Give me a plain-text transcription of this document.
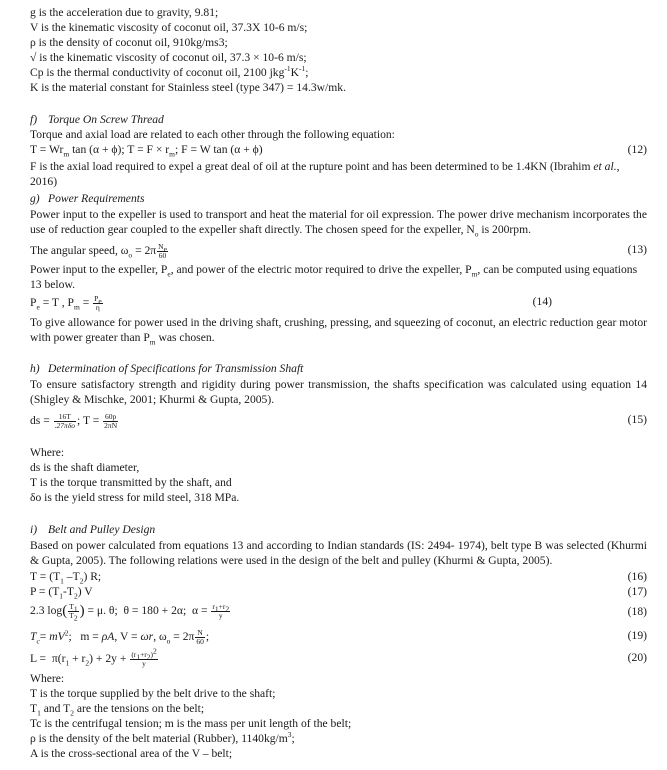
g is the acceleration due to gravity, 9.81;
V is the kinematic viscosity of coconut oil, 37.3X 10-6 m/s;
ρ is the density of coconut oil, 910kg/ms3;
√ is the kinematic viscosity of coconut oil, 37.3 × 10-6 m/s;
Cp is the thermal conductivity of coconut oil, 2100 $jkg^{-1}K^{-1}$;
K is the material constant for Stainless steel (type 347) = 14.3w/mk.
f) Torque On Screw Thread
Torque and axial load are related to each other through the following equation:
$T = Wr_m$ tan (α + ϕ); $T = F \times r_m$; F = W tan (α + ϕ)	(12)
F is the axial load required to expel a great deal of oil at the rupture point and has been determined to be 1.4KN (Ibrahim et al.,
2016)
g) Power Requirements
Power input to the expeller is used to transport and heat the material for oil expression. The power drive mechanism incorporates the use of reduction gear coupled to the expeller shaft directly. The chosen speed for the expeller, $N_o$ is 200rpm.
The angular speed, $\omega_o = 2\pi \frac{N_e}{60}$	(13)
Power input to the expeller, $P_e$, and power of the electric motor required to drive the expeller, $P_m$, can be computed using equations
13 below.
$P_e = T$ , $P_m = \frac{P_e}{\eta}$	(14)
To give allowance for power used in the driving shaft, crushing, pressing, and squeezing of coconut, an electric reduction gear motor with power greater than $P_m$ was chosen.
h) Determination of Specifications for Transmission Shaft
To ensure satisfactory strength and rigidity during power transmission, the shafts specification was calculated using equation 14 (Shigley & Mischke, 2001; Khurmi & Gupta, 2005).
ds = $\frac{16T}{\text{.27πδo}}$ ; $T = \frac{60p}{2\pi N}$	(15)
Where:
ds is the shaft diameter,
T is the torque transmitted by the shaft, and
δo is the yield stress for mild steel, 318 MPa.
i) Belt and Pulley Design
Based on power calculated from equations 13 and according to Indian standards (IS: 2494- 1974), belt type B was selected (Khurmi & Gupta, 2005). The following relations were used in the design of the belt and pulley (Khurmi & Gupta, 2005).
$T = (T_1$ $-T_2$) R;	(16)
$P = (T_1-T_2)$ V	(17)
2.3 $\log( \frac{T_1}{T_2}$ ) = μ. θ;  θ = 180 + 2α;  $\alpha = \frac{r_1+r_2}{y}$	(18)
$T_c= mV^2$;   m = ρA, V = ωr, $\omega_o = 2\pi \frac{N}{60}$ ;	(19)
$L = \pi(r_1 + r_2) + 2y + \frac{(r_1+r_2)^2}{y}$	(20)
Where:
T is the torque supplied by the belt drive to the shaft;
$T_1$ and $T_2$ are the tensions on the belt;
Tc is the centrifugal tension; m is the mass per unit length of the belt;
ρ is the density of the belt material (Rubber), $1140kg/m^3$;
A is the cross-sectional area of the V – belt;
